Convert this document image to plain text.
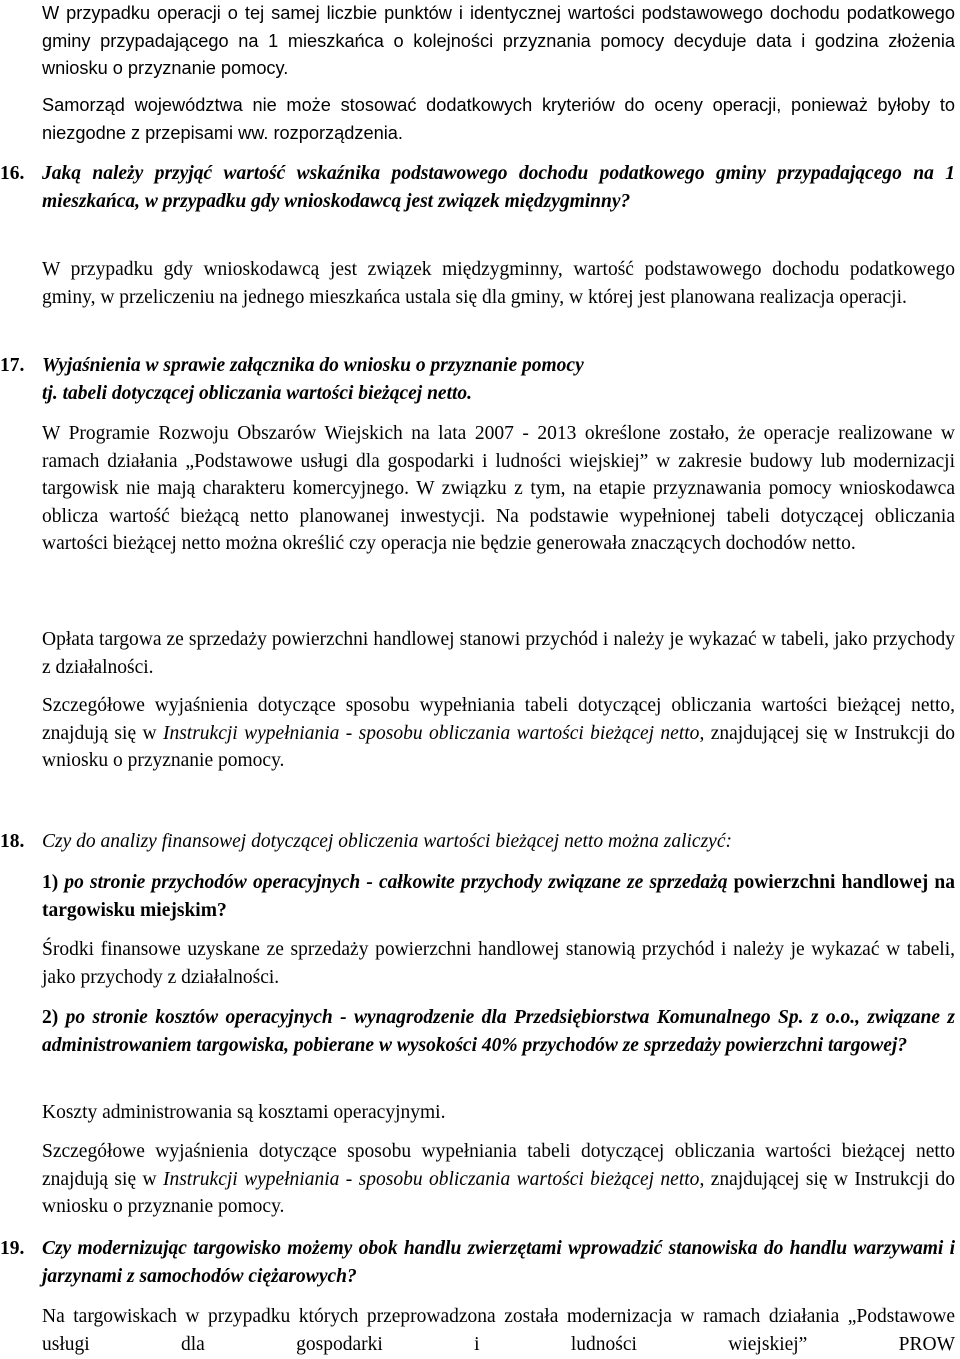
W przypadku operacji o tej samej liczbie punktów i identycznej wartości podstawowego dochodu podatkowego gminy przypadającego na 1 mieszkańca o kolejności przyznania pomocy decyduje data i godzina złożenia wniosku o przyznanie pomocy.

Samorząd województwa nie może stosować dodatkowych kryteriów do oceny operacji, ponieważ byłoby to niezgodne z przepisami ww. rozporządzenia.

16. Jaką należy przyjąć wartość wskaźnika podstawowego dochodu podatkowego gminy przypadającego na 1 mieszkańca, w przypadku gdy wnioskodawcą jest związek międzygminny?

W przypadku gdy wnioskodawcą jest związek międzygminny, wartość podstawowego dochodu podatkowego gminy, w przeliczeniu na jednego mieszkańca ustala się dla gminy, w której jest planowana realizacja operacji.

17. Wyjaśnienia w sprawie załącznika do wniosku o przyznanie pomocy
tj. tabeli dotyczącej obliczania wartości bieżącej netto.

W Programie Rozwoju Obszarów Wiejskich na lata 2007 - 2013 określone zostało, że operacje realizowane w ramach działania „Podstawowe usługi dla gospodarki i ludności wiejskiej” w zakresie budowy lub modernizacji targowisk nie mają charakteru komercyjnego. W związku z tym, na etapie przyznawania pomocy wnioskodawca oblicza wartość bieżącą netto planowanej inwestycji. Na podstawie wypełnionej tabeli dotyczącej obliczania wartości bieżącej netto można określić czy operacja nie będzie generowała znaczących dochodów netto.

Opłata targowa ze sprzedaży powierzchni handlowej stanowi przychód i należy je wykazać w tabeli, jako przychody z działalności.

Szczegółowe wyjaśnienia dotyczące sposobu wypełniania tabeli dotyczącej obliczania wartości bieżącej netto, znajdują się w Instrukcji wypełniania - sposobu obliczania wartości bieżącej netto, znajdującej się w Instrukcji do wniosku o przyznanie pomocy.

18. Czy do analizy finansowej dotyczącej obliczenia wartości bieżącej netto można zaliczyć:

1) po stronie przychodów operacyjnych - całkowite przychody związane ze sprzedażą powierzchni handlowej na targowisku miejskim?

Środki finansowe uzyskane ze sprzedaży powierzchni handlowej stanowią przychód i należy je wykazać w tabeli, jako przychody z działalności.

2) po stronie kosztów operacyjnych - wynagrodzenie dla Przedsiębiorstwa Komunalnego Sp. z o.o., związane z administrowaniem targowiska, pobierane w wysokości 40% przychodów ze sprzedaży powierzchni targowej?

Koszty administrowania są kosztami operacyjnymi.

Szczegółowe wyjaśnienia dotyczące sposobu wypełniania tabeli dotyczącej obliczania wartości bieżącej netto znajdują się w Instrukcji wypełniania - sposobu obliczania wartości bieżącej netto, znajdującej się w Instrukcji do wniosku o przyznanie pomocy.

19. Czy modernizując targowisko możemy obok handlu zwierzętami wprowadzić stanowiska do handlu warzywami i jarzynami z samochodów ciężarowych?

Na targowiskach w przypadku których przeprowadzona została modernizacja w ramach działania „Podstawowe usługi dla gospodarki i ludności wiejskiej” PROW
